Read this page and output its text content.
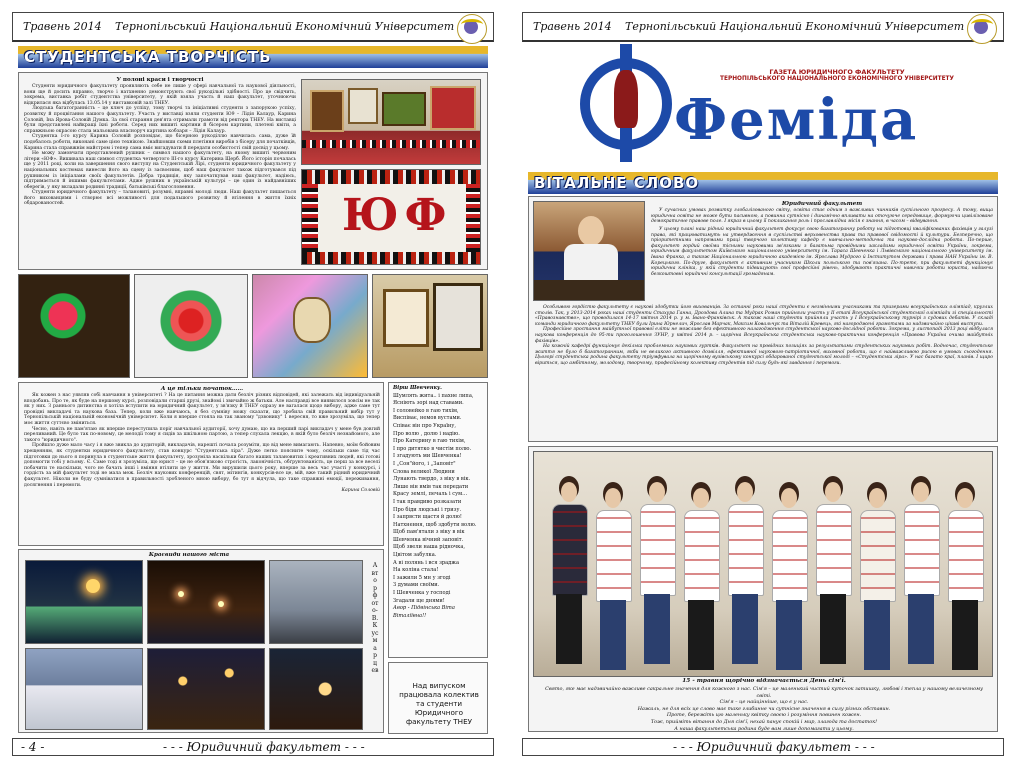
Травень 2014 Тернопільський Національний Економічний Університет
СТУДЕНТСЬКА ТВОРЧІСТЬ

У полоні краси і творчості

Студенти юридичного факультету проявляють себе не лише у сфері навчальної та наукової діяльності, вони ще й досить вправно, творчо і натхненно демонструють свої рукодільні здібності. Про це свідчить, зокрема, виставка робіт студентства університету, у якій взяла участь й наш факультет, уточнюючи відкрилася яка відбулась 13.05.14 у виставковій залі ТНЕУ.

Людська багатогранність – це ключ до успіху, тому творчі та ініціативні студенти з запорукою успіху, розвитку й процвітання нашого факультету. Участь у виставці взяли студенти Ю9 – Лідія Калаур, Карина Соловій, Іна Ярова-Соловій Думка. За свої старання дев'ята отримали грамоти від ректора ТНЕУ. На виставці були представлені найкращі їхні роботи. Серед них вишиті картини й бісером картини, плетені квіти, а справжньою окрасою стала мальована власноруч картина кобзаря – Лідія Калаур.

Студентка I-го курсу Карина Соловій розповідає, що бісерною рукоділлю навчилась сама, дуже їй подобалось роботи, виконані саме цією технікою. Знайшовши схеми плетіння виробів з бісеру для початківців, Карина стала справжнім майстром і тепер сама вміє вигадувати й передати особистості свій досвід у цьому.

Не можу замовчати представлений рушник – символ нашого факультету, на якому вишиті червоним літери «ЮФ». Вишивала наш символ студентка четвертого III-го курсу Катерина Щерб. Його історія почалась ще у 2011 році, коли на завершення свого виступу на Студентській Лірі, студенти юридичного факультету у національних костюмах винесли його на сцену із засвоєним, щоб наш факультет також підготувався під рушником із ініціалами своїх факультетів. Добра традиція, яку започаткував наш факультет, надіюсь, підтримається й іншими факультетами. Адже рушник в українській культурі – це один із найдавніших оберегів, у яку вкладали родинні традиції, батьківські благословення.

Студенти юридичного факультету – талановиті, розумні, вправні молоді люди. Наш факультет пишається його вихованцями і створює всі можливості для подальшого розвитку й втілення в життя їхніх обдарованостей.	ЮФ

А це тільки початок……

Як кожен з нас уявляв собі навчання в університеті ? На це питання можна дати безліч різних відповідей, які залежать від індивідуальній вподобань. Про те, як буде на першому курсі, розповідали старші друзі, знайомі і звичайно ж батьки. Але насправді все виявилося зовсім не так як у них. З раннього дитинства я хотіла вступити на юридичний факультет, у зв'язку й ТНЕУ одразу не вагалася щодо вибору, адже саме тут провідні викладачі та наукова база. Тепер, коли вже навчаюсь, я без сумніву можу сказати, що зробила свій правильний вибір тут у Тернопільській національній економічній університет. Коли я вперше стояла на так званому "дзвонику" 1 вересня, то вже зрозуміла, що тепер моє життя суттєво зміниться.

Чесно, навіть не пам'ятаю як вперше переступила поріг навчальної аудиторії, хочу думаю, що на перший парі викладач у мене був довгий переливаний. Це було так по-новому, це мелодії тому я сидів за шкільною партою, а тепер слухала лекцію, в якій було безліч незнайомого, але такого "юридичного".

Пройшло дуже мало часу і я вже звикла до аудиторій, викладачів, нарешті почала розуміти, що від мене вимагають. Напевно, моїм бойовим хрещенням, як студентки юридичного факультету, став конкурс "Студентська ліра". Дуже легко поясните чому, оскільки саме тід час підготовки до нього я поринула в студентське життя факультету, зрозуміла наскільки багато наших талановитих і креативних людей, які готові допомогти тобі у всьому. Є. Саме тоді я зрозуміла, що юрист – це не обов'язково строгість, лаконічність, обґрунтованість, це перш за все веселі побачити те наскільки, чого не бачать інші і вміння втілити це у життя. Ми вирушили цього року, вперше за весь час участі у конкурсі, і гордість за мій факультет тоді не мала меж. Безліч наукових конференцій, свят, мітингів, конкурсів-все це, мій, вже такий рідний юридичний факультет. Ніколи не буду сумніватися в правильності зробленого мною вибору, бо тут я відчула, що таке справжні емоції, переживання, досягнення і перемоги.

Карина Соловій

Вірш Шевченку.
Шумлять жита.. і пахне липа,
Ясніють зорі над ставами.
І соловейко в гаю тихім,
Виспіває, немов вустами.
Співає він про Україну,
Про волю , долю і надію.
Про Катерину в гаю тихім,
І про дитятко в чистім полю.
І згадують ми Шевченка!
І „Сон"його, і „Заповіт"
Слова великої Людини
Лунають твердо, з віку в вік.
Лише він вмів так передати
Красу землі, печаль і сум…
І так правдиво розказати
Про біди людські і гризу.
І запрвсти щастя й долю!
Натхнення, щоб здобути волю.
Щоб пам'ятали з віку в вік
Шевченка вічний заповіт.
Щоб звели наша рідночка,
Цвітом забулка.
А ві полянь і вся зраджа
На коліна стала!
І зажили 5 мн у згоді
З думами своїми.
І Шевченка у господі
Згадали ще днями!
Авор - Підвінська Віта Віталіївна!!
Краєвиди нашого міста
Авторфото-В.Кусмарцев
Над випуском працювала колектив та студенти Юридичного факультету ТНЕУ
- 4 -	- - - Юридичний факультет - - -
Травень 2014 Тернопільський Національний Економічний Університет
Фемiда
ГАЗЕТА ЮРИДИЧНОГО ФАКУЛЬТЕТУ
ТЕРНОПІЛЬСЬКОГО НАЦІОНАЛЬНОГО ЕКОНОМІЧНОГО УНІВЕРСИТЕТУ
ВІТАЛЬНЕ СЛОВО

Юридичний факультет

У сучасних умовах розвитку глобалізованого світу, освіта стає одним з важливих чинників суспільного прогресу. А тому, вища юридична освіта не може бути пасивною, а повинна сутнісно і динамічно впливати на оточуюче середовище, формуючи цивілізоване демократичне правове поле. І якраз в цьому її покликання роль і прославлідна місія є знання, в часом – відвування.

У цьому плані наш рідний юридичний факультет фокусує свою багатогранну роботу на підготовці кваліфікованих фахівців у галузі права, які працюватимуть на утвердження в суспільстві верховенства права та правової свідомості й культури. Безперечно, що пріоритетними напрямами праці творчого колективу кафедр є навчально-методична та науково-дослідна робота. По-перше, факультет гордий своїми тісними науковими зв'язками з багатьма провідними закладами юридичної освіти України, зокрема, юридичним факультетом Київського національного університету ім. Тараса Шевченка і Львівського національного університету ім. Івана Франка, а також Національною юридичною академією ім. Ярослава Мудрого й Інститутом держави і права НАН України ім. В. Корецького. По-друге, факультет є активним учасником Школи польського та пов'язана. По-третє, при факультеті функціонує юридична клініка, у якій студенти підвищують свої професійні рівень, здобувають практичні навички роботи юриста, надаючи безкоштовні юридичні консультації громадянам.

Особливою гордістю факультету є наукові здобутки його вихованців. За останні роки наші студенти є незмінними учасниками та призерами всеукраїнських олімпіад, круглих столів. Так, у 2013-2014 роках наші студенти Стахура Ганна, Дроздова Алина та Мудрак Роман прийняли участь у ІІ етапі Всеукраїнської студентської олімпіади зі спеціальності «Правознавство», що проводилася 14-17 квітня 2014 р. у м. Івано-Франківськ. А також наші студенти прийняли участь у І Всеукраїнському турнірі з судових дебатів. У складі команди юридичного факультету ТНЕУ були Ірина Юрнелич, Ярослав Марчак, Максим Ковальчук та Віталій Кревець, які нагороджені грамотами за надзвичайно цікаві виступи.

Професійне зростання майбутньої правової еліти не можливе без ефективного налагодження студентської науково-дослідної роботи. Зокрема, у листопаді 2013 році відбулася наукова конференція до 95-ти проголошення ЗУНР, у квітні 2014 р. – щорічна Всеукраїнська студентська науково-практична конференція «Правова Україна очима майбутніх фахівців».

На кожній кафедрі функціонує декілька проблемних наукових гуртків. Факультет на провідних позиціях за результатами студентських наукових робіт. Водночас, студентське життя не було б багатогранним, якби не великого активного дозвілля, ефективної наукового-патріотичної, виховної роботи, що є найважливою рисою в умовах сьогодення. Цьогорі студентська родина факультету тріумфувала на щорічному вузівському конкурсі обдарованої студентської молоді – «Студентська ліра». У нас багато краї, планів. І щиро віриться, що амбітному, молодому, творчому, професійному колективу студентів під силу будь-які завдання і перемоги.

15 - травня щорічно відзначається День сім'ї.
Свято, яке має надзвичайно важливе сакральне значення для кожного з нас. Сім'я – це маленький чистий куточок затишку, любові і тепла у нашому величезному світі.
Сім'я – це найцінніше, що є у нас.
Нажаль, не для всіх це слово має таке глибинне чи сутнісне значення в силу різних обставин.
Проте, бережіть цю маленьку квітку своєю і розуміння повинен кожен.
Тож, прийміть вітання до Дня сім'ї, нехай панує спокій і мир, злагода та достаток!
А наша факультетська родина буде вам лише допомагати у цьому.
- - - Юридичний факультет - - -
